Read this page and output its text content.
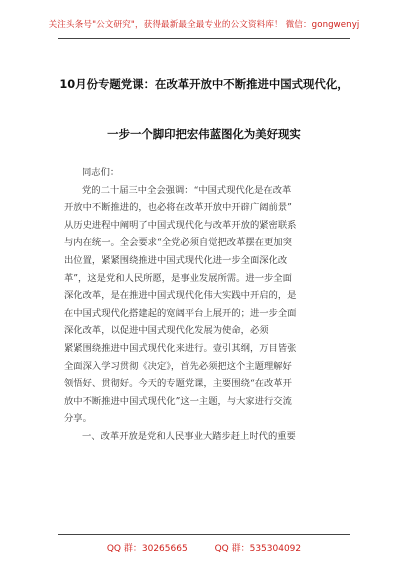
关注头条号"公文研究"，获得最新最全最专业的公文资料库！ 微信：gongwenyj
10月份专题党课：在改革开放中不断推进中国式现代化，
一步一个脚印把宏伟蓝图化为美好现实
同志们：
党的二十届三中全会强调：“中国式现代化是在改革
开放中不断推进的，也必将在改革开放中开辟广阔前景”
从历史进程中阐明了中国式现代化与改革开放的紧密联系
与内在统一。全会要求“全党必须自觉把改革摆在更加突
出位置，紧紧围绕推进中国式现代化进一步全面深化改
革”，这是党和人民所愿，是事业发展所需。进一步全面
深化改革，是在推进中国式现代化伟大实践中开启的，是
在中国式现代化搭建起的宽阔平台上展开的；进一步全面
深化改革，以促进中国式现代化发展为使命，必须
紧紧围绕推进中国式现代化来进行。壹引其纲，万目皆张
全面深入学习贯彻《决定》，首先必须把这个主题理解好
领悟好、贯彻好。今天的专题党课，主要围绕“在改革开
放中不断推进中国式现代化”这一主题，与大家进行交流
分享。
一、改革开放是党和人民事业大踏步赶上时代的重要
QQ 群：30265665	QQ 群：535304092
